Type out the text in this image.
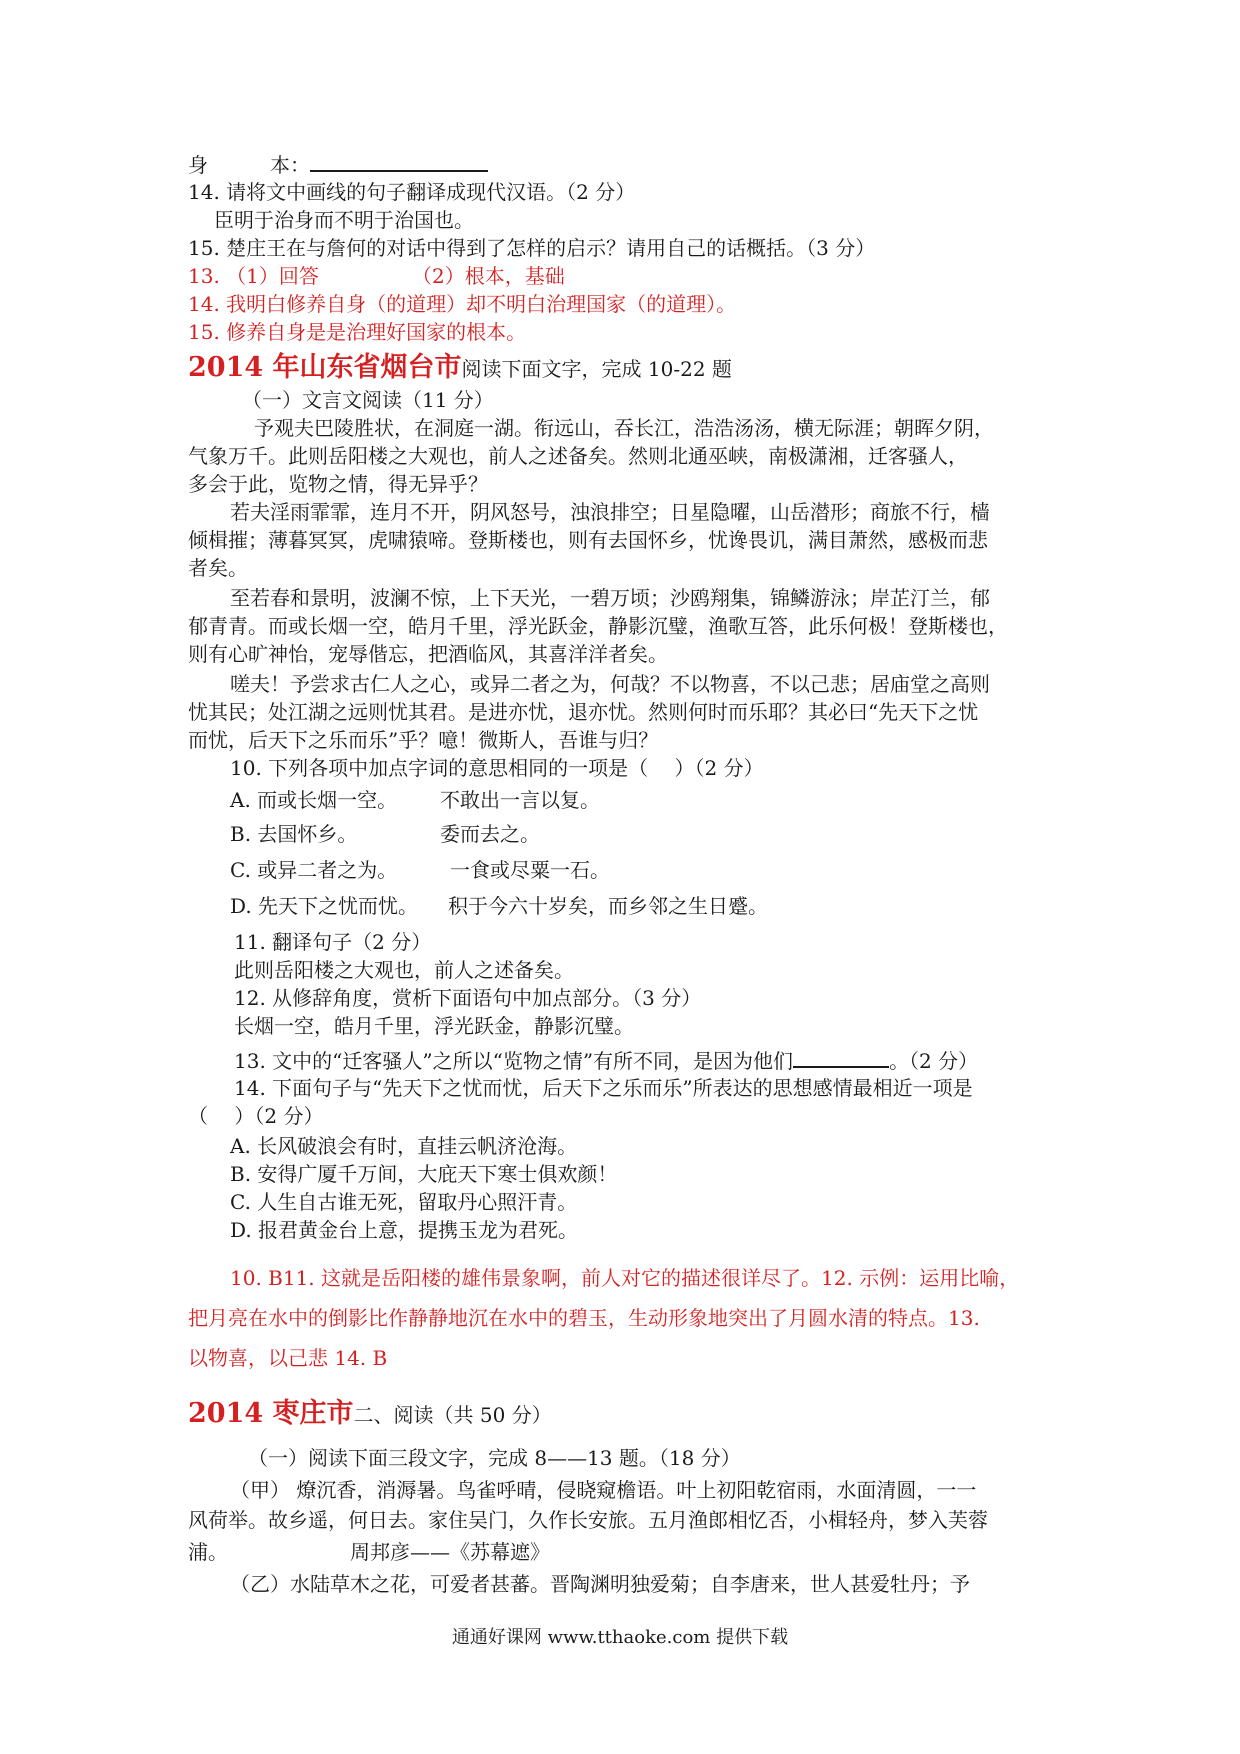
身	本：
14. 请将文中画线的句子翻译成现代汉语。（2 分）
臣明于治身而不明于治国也。
15. 楚庄王在与詹何的对话中得到了怎样的启示？请用自己的话概括。（3 分）
13. （1）回答	（2）根本，基础
14. 我明白修养自身（的道理）却不明白治理国家（的道理）。
15. 修养自身是是治理好国家的根本。
2014 年山东省烟台市阅读下面文字，完成 10-22 题
（一）文言文阅读（11 分）
予观夫巴陵胜状，在洞庭一湖。衔远山，吞长江，浩浩汤汤，横无际涯；朝晖夕阴，
气象万千。此则岳阳楼之大观也，前人之述备矣。然则北通巫峡，南极潇湘，迁客骚人，
多会于此，览物之情，得无异乎？
若夫淫雨霏霏，连月不开，阴风怒号，浊浪排空；日星隐曜，山岳潜形；商旅不行，樯
倾楫摧；薄暮冥冥，虎啸猿啼。登斯楼也，则有去国怀乡，忧谗畏讥，满目萧然，感极而悲
者矣。
至若春和景明，波澜不惊，上下天光，一碧万顷；沙鸥翔集，锦鳞游泳；岸芷汀兰，郁
郁青青。而或长烟一空，皓月千里，浮光跃金，静影沉璧，渔歌互答，此乐何极！登斯楼也，
则有心旷神怡，宠辱偕忘，把酒临风，其喜洋洋者矣。
嗟夫！予尝求古仁人之心，或异二者之为，何哉？不以物喜，不以己悲；居庙堂之高则
忧其民；处江湖之远则忧其君。是进亦忧，退亦忧。然则何时而乐耶？其必曰“先天下之忧
而忧，后天下之乐而乐”乎？噫！微斯人，吾谁与归？
10. 下列各项中加点字词的意思相同的一项是（　 ）（2 分）
A. 而或长烟一空。 不敢出一言以复。
B. 去国怀乡。	委而去之。
C. 或异二者之为。	一食或尽粟一石。
D. 先天下之忧而忧。 积于今六十岁矣，而乡邻之生日蹙。
11. 翻译句子（2 分）
此则岳阳楼之大观也，前人之述备矣。
12. 从修辞角度，赏析下面语句中加点部分。（3 分）
长烟一空，皓月千里，浮光跃金，静影沉璧。
13. 文中的“迁客骚人”之所以“览物之情”有所不同，是因为他们	。（2 分）
14. 下面句子与“先天下之忧而忧，后天下之乐而乐”所表达的思想感情最相近一项是
（　 ）（2 分）
A. 长风破浪会有时，直挂云帆济沧海。
B. 安得广厦千万间，大庇天下寒士俱欢颜！
C. 人生自古谁无死，留取丹心照汗青。
D. 报君黄金台上意，提携玉龙为君死。
10. B11. 这就是岳阳楼的雄伟景象啊，前人对它的描述很详尽了。12. 示例：运用比喻，
把月亮在水中的倒影比作静静地沉在水中的碧玉，生动形象地突出了月圆水清的特点。13.
以物喜，以己悲 14. B
2014 枣庄市二、阅读（共 50 分）
（一）阅读下面三段文字，完成 8——13 题。（18 分）
（甲） 燎沉香，消溽暑。鸟雀呼晴，侵晓窥檐语。叶上初阳乾宿雨，水面清圆，一一
风荷举。故乡遥，何日去。家住吴门，久作长安旅。五月渔郎相忆否，小楫轻舟，梦入芙蓉
浦。	周邦彦——《苏幕遮》
（乙）水陆草木之花，可爱者甚蕃。晋陶渊明独爱菊；自李唐来，世人甚爱牡丹；予
通通好课网 www.tthaoke.com 提供下载
